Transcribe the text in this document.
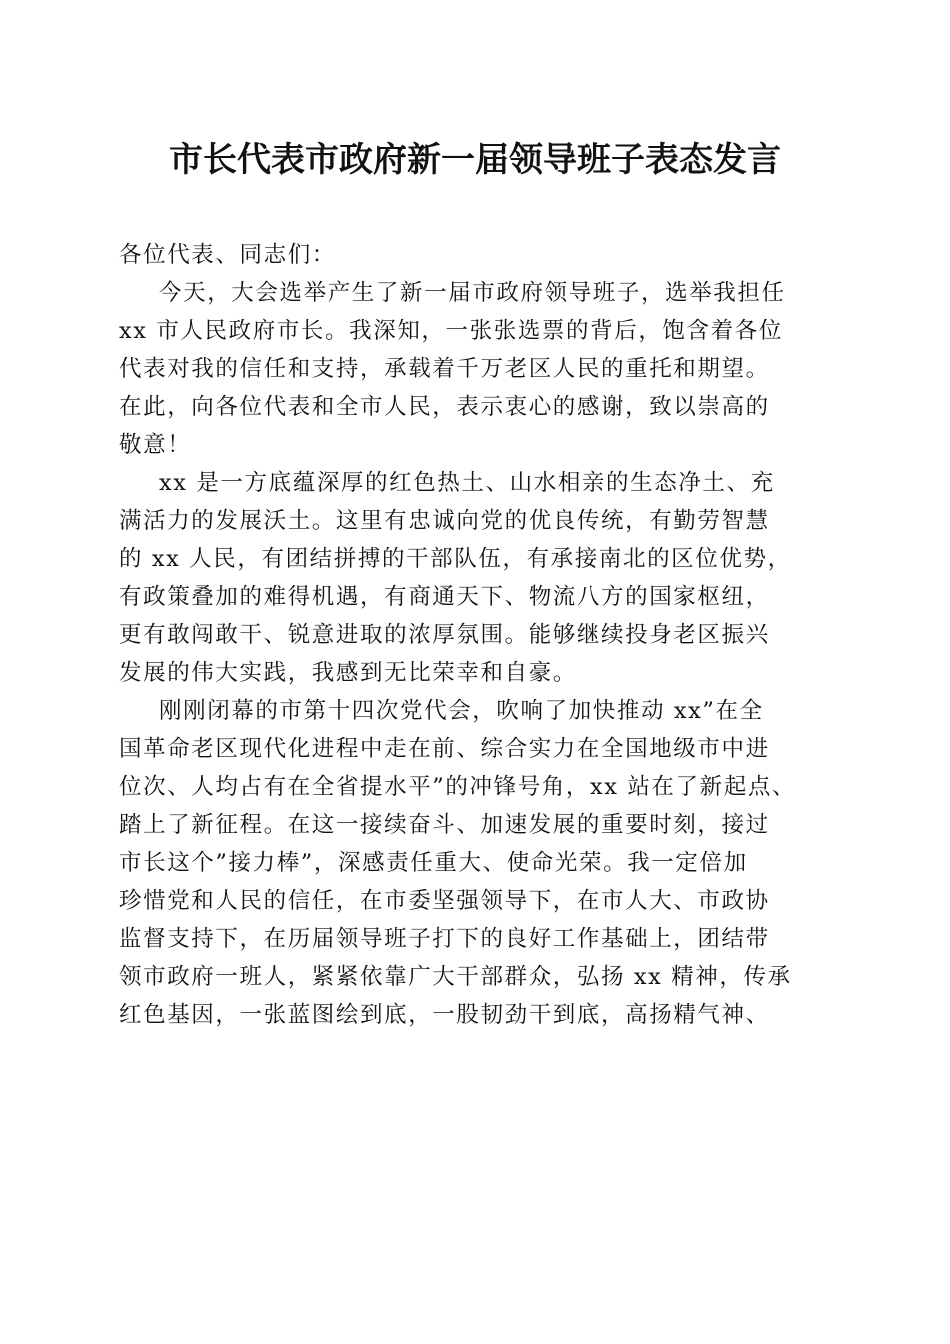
市长代表市政府新一届领导班子表态发言
各位代表、同志们：
今天，大会选举产生了新一届市政府领导班子，选举我担任
xx 市人民政府市长。我深知，一张张选票的背后，饱含着各位
代表对我的信任和支持，承载着千万老区人民的重托和期望。
在此，向各位代表和全市人民，表示衷心的感谢，致以崇高的
敬意！
xx 是一方底蕴深厚的红色热土、山水相亲的生态净土、充
满活力的发展沃土。这里有忠诚向党的优良传统，有勤劳智慧
的 xx 人民，有团结拼搏的干部队伍，有承接南北的区位优势，
有政策叠加的难得机遇，有商通天下、物流八方的国家枢纽，
更有敢闯敢干、锐意进取的浓厚氛围。能够继续投身老区振兴
发展的伟大实践，我感到无比荣幸和自豪。
刚刚闭幕的市第十四次党代会，吹响了加快推动 xx”在全
国革命老区现代化进程中走在前、综合实力在全国地级市中进
位次、人均占有在全省提水平”的冲锋号角，xx 站在了新起点、
踏上了新征程。在这一接续奋斗、加速发展的重要时刻，接过
市长这个”接力棒”，深感责任重大、使命光荣。我一定倍加
珍惜党和人民的信任，在市委坚强领导下，在市人大、市政协
监督支持下，在历届领导班子打下的良好工作基础上，团结带
领市政府一班人，紧紧依靠广大干部群众，弘扬 xx 精神，传承
红色基因，一张蓝图绘到底，一股韧劲干到底，高扬精气神、
